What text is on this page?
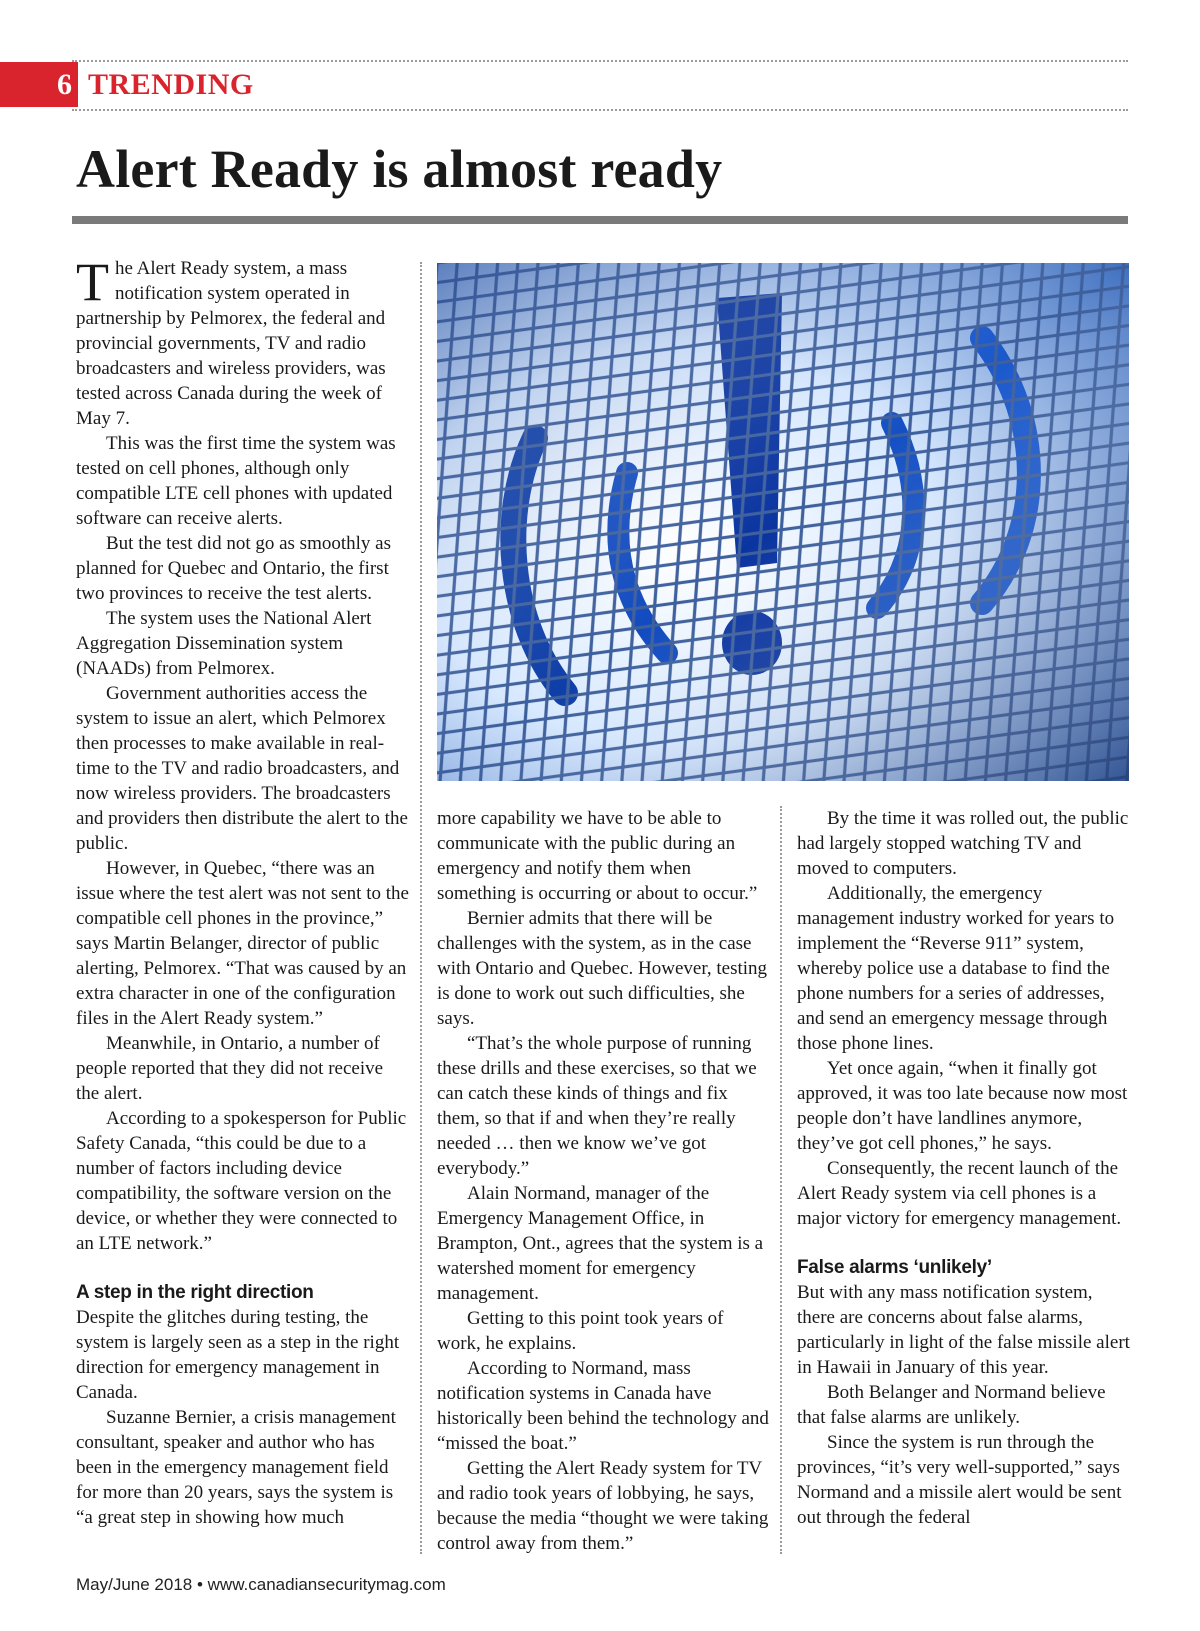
6 TRENDING
Alert Ready is almost ready

The Alert Ready system, a mass notification system operated in partnership by Pelmorex, the federal and provincial governments, TV and radio broadcasters and wireless providers, was tested across Canada during the week of May 7.

This was the first time the system was tested on cell phones, although only compatible LTE cell phones with updated software can receive alerts.

But the test did not go as smoothly as planned for Quebec and Ontario, the first two provinces to receive the test alerts.

The system uses the National Alert Aggregation Dissemination system (NAADs) from Pelmorex.

Government authorities access the system to issue an alert, which Pelmorex then processes to make available in real-time to the TV and radio broadcasters, and now wireless providers. The broadcasters and providers then distribute the alert to the public.

However, in Quebec, “there was an issue where the test alert was not sent to the compatible cell phones in the province,” says Martin Belanger, director of public alerting, Pelmorex. “That was caused by an extra character in one of the configuration files in the Alert Ready system.”

Meanwhile, in Ontario, a number of people reported that they did not receive the alert.

According to a spokesperson for Public Safety Canada, “this could be due to a number of factors including device compatibility, the software version on the device, or whether they were connected to an LTE network.”

A step in the right direction

Despite the glitches during testing, the system is largely seen as a step in the right direction for emergency management in Canada.

Suzanne Bernier, a crisis management consultant, speaker and author who has been in the emergency management field for more than 20 years, says the system is “a great step in showing how much

more capability we have to be able to communicate with the public during an emergency and notify them when something is occurring or about to occur.”

Bernier admits that there will be challenges with the system, as in the case with Ontario and Quebec. However, testing is done to work out such difficulties, she says.

“That’s the whole purpose of running these drills and these exercises, so that we can catch these kinds of things and fix them, so that if and when they’re really needed … then we know we’ve got everybody.”

Alain Normand, manager of the Emergency Management Office, in Brampton, Ont., agrees that the system is a watershed moment for emergency management.

Getting to this point took years of work, he explains.

According to Normand, mass notification systems in Canada have historically been behind the technology and “missed the boat.”

Getting the Alert Ready system for TV and radio took years of lobbying, he says, because the media “thought we were taking control away from them.”

By the time it was rolled out, the public had largely stopped watching TV and moved to computers.

Additionally, the emergency management industry worked for years to implement the “Reverse 911” system, whereby police use a database to find the phone numbers for a series of addresses, and send an emergency message through those phone lines.

Yet once again, “when it finally got approved, it was too late because now most people don’t have landlines anymore, they’ve got cell phones,” he says.

Consequently, the recent launch of the Alert Ready system via cell phones is a major victory for emergency management.

False alarms ‘unlikely’

But with any mass notification system, there are concerns about false alarms, particularly in light of the false missile alert in Hawaii in January of this year.

Both Belanger and Normand believe that false alarms are unlikely.

Since the system is run through the provinces, “it’s very well-supported,” says Normand and a missile alert would be sent out through the federal

May/June 2018 • www.canadiansecuritymag.com
